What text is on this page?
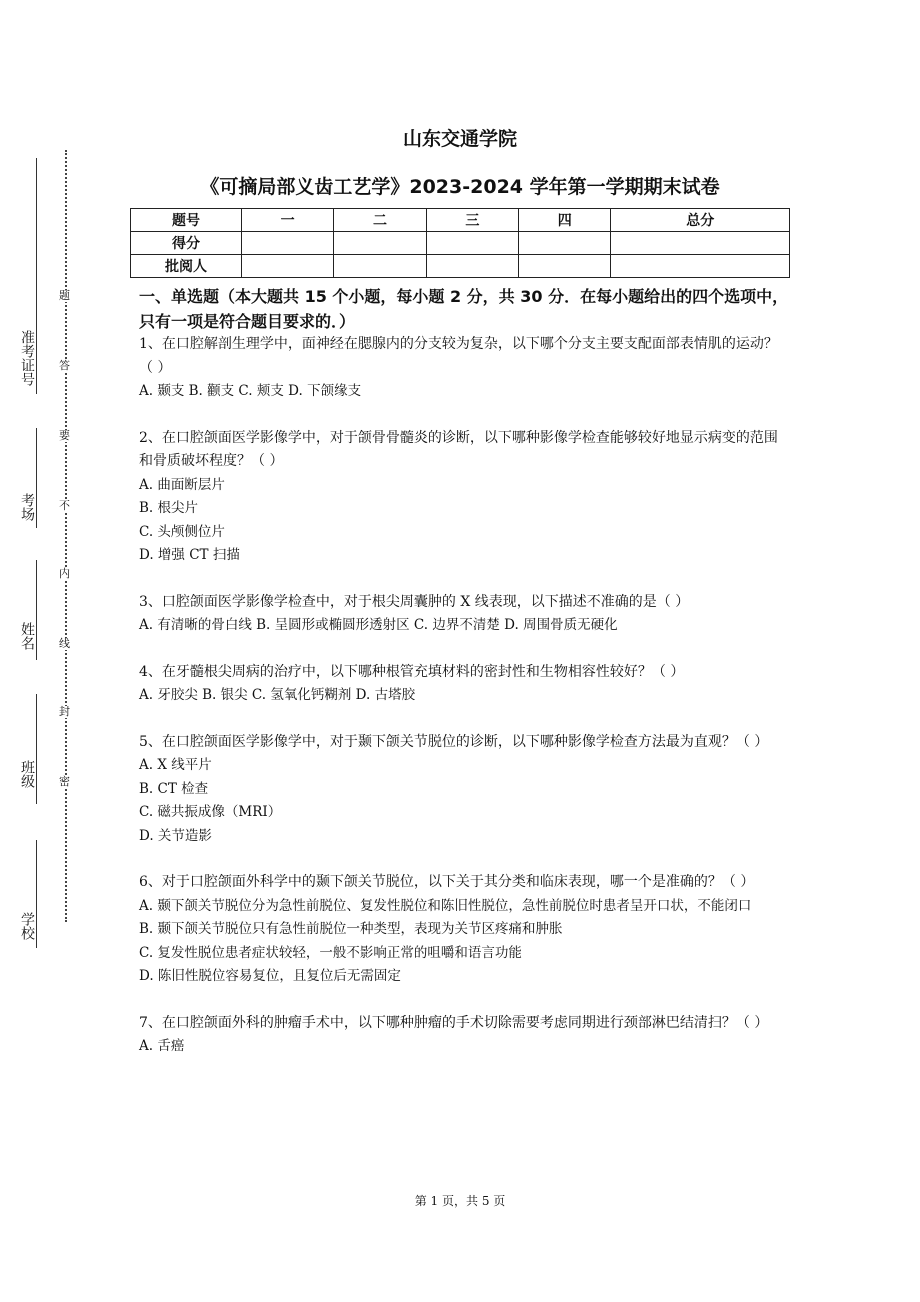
题
答
要
不
内
线
封
密
准考证号
考场
姓名
班级
学校
山东交通学院
《可摘局部义齿工艺学》2023-2024 学年第一学期期末试卷
题号	一	二	三	四	总分
得分					
批阅人					
一、单选题（本大题共 15 个小题，每小题 2 分，共 30 分．在每小题给出的四个选项中，只有一项是符合题目要求的．）

1、在口腔解剖生理学中，面神经在腮腺内的分支较为复杂，以下哪个分支主要支配面部表情肌的运动？（ ）

A. 颞支 B. 颧支 C. 颊支 D. 下颌缘支

2、在口腔颌面医学影像学中，对于颌骨骨髓炎的诊断，以下哪种影像学检查能够较好地显示病变的范围和骨质破坏程度？（ ）

A. 曲面断层片

B. 根尖片

C. 头颅侧位片

D. 增强 CT 扫描

3、口腔颌面医学影像学检查中，对于根尖周囊肿的 X 线表现，以下描述不准确的是（ ）

A. 有清晰的骨白线 B. 呈圆形或椭圆形透射区 C. 边界不清楚 D. 周围骨质无硬化

4、在牙髓根尖周病的治疗中，以下哪种根管充填材料的密封性和生物相容性较好？（ ）

A. 牙胶尖 B. 银尖 C. 氢氧化钙糊剂 D. 古塔胶

5、在口腔颌面医学影像学中，对于颞下颌关节脱位的诊断，以下哪种影像学检查方法最为直观？（ ）

A. X 线平片

B. CT 检查

C. 磁共振成像（MRI）

D. 关节造影

6、对于口腔颌面外科学中的颞下颌关节脱位，以下关于其分类和临床表现，哪一个是准确的？（ ）

A. 颞下颌关节脱位分为急性前脱位、复发性脱位和陈旧性脱位，急性前脱位时患者呈开口状，不能闭口

B. 颞下颌关节脱位只有急性前脱位一种类型，表现为关节区疼痛和肿胀

C. 复发性脱位患者症状较轻，一般不影响正常的咀嚼和语言功能

D. 陈旧性脱位容易复位，且复位后无需固定

7、在口腔颌面外科的肿瘤手术中，以下哪种肿瘤的手术切除需要考虑同期进行颈部淋巴结清扫？（ ）

A. 舌癌

第 1 页，共 5 页
